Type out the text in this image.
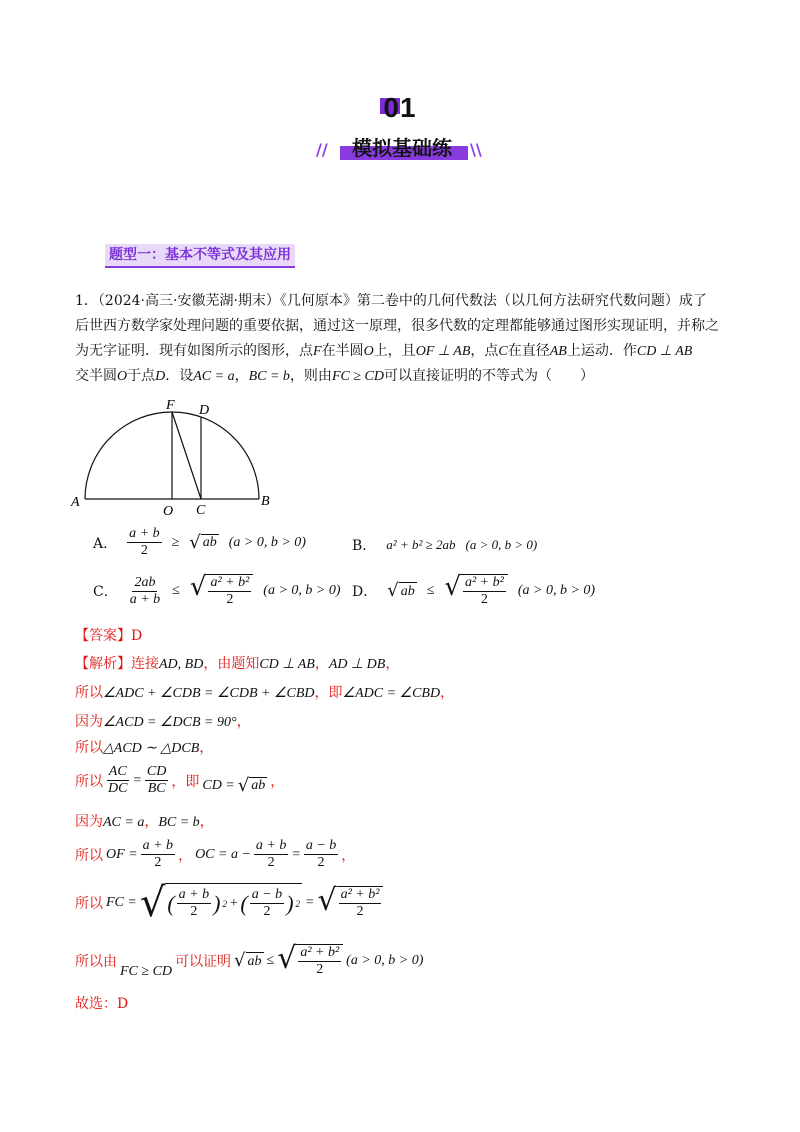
01
//	模拟基础练	\\
题型一：基本不等式及其应用

1．（2024·高三·安徽芜湖·期末）《几何原本》第二卷中的几何代数法（以几何方法研究代数问题）成了

后世西方数学家处理问题的重要依据，通过这一原理，很多代数的定理都能够通过图形实现证明，并称之

为无字证明．现有如图所示的图形，点F在半圆O上，且OF ⊥ AB，点C在直径AB上运动．作CD ⊥ AB

交半圆O于点D．设AC = a，BC = b，则由FC ≥ CD可以直接证明的不等式为（　　）

F D
A	B
O C
A． $\frac{a + b}{2}$ ≥ √ ab (a > 0, b > 0)	B． a² + b² ≥ 2ab (a > 0, b > 0)
C． $\frac{2ab}{a + b}$ ≤ √ $\frac{\text{a² + b²}}{2} (a > 0$, b > 0) D． √ ab ≤ √ $\frac{\text{a² + b²}}{2} (a > 0$, b > 0)
【答案】D
【解析】连接AD, BD，由题知CD ⊥ AB，AD ⊥ DB，
所以∠ADC + ∠CDB = ∠CDB + ∠CBD，即∠ADC = ∠CBD，
因为∠ACD = ∠DCB = 90°，
所以△ACD ∼ △DCB，
所以 $\frac{AC}{DC} = \frac{CD}{BC}$ ，即 CD = √ ab ，
因为AC = a，BC = b，
所以 OF = $\frac{a + b}{2}$ ， OC = $a - \frac{a + b}{2} = \frac{a - b}{2}$ ，
所以 FC = √ ( $\frac{a + b}{2}$ ) 2 + ( $\frac{a - b}{2}$ ) 2 = √ $\frac{\text{a² + b²}}{2}$
所以由
FC ≥ CD
可以证明 √ ab ≤ √ $\frac{\text{a² + b²}}{2} (a > 0$, b > 0)
故选：D
